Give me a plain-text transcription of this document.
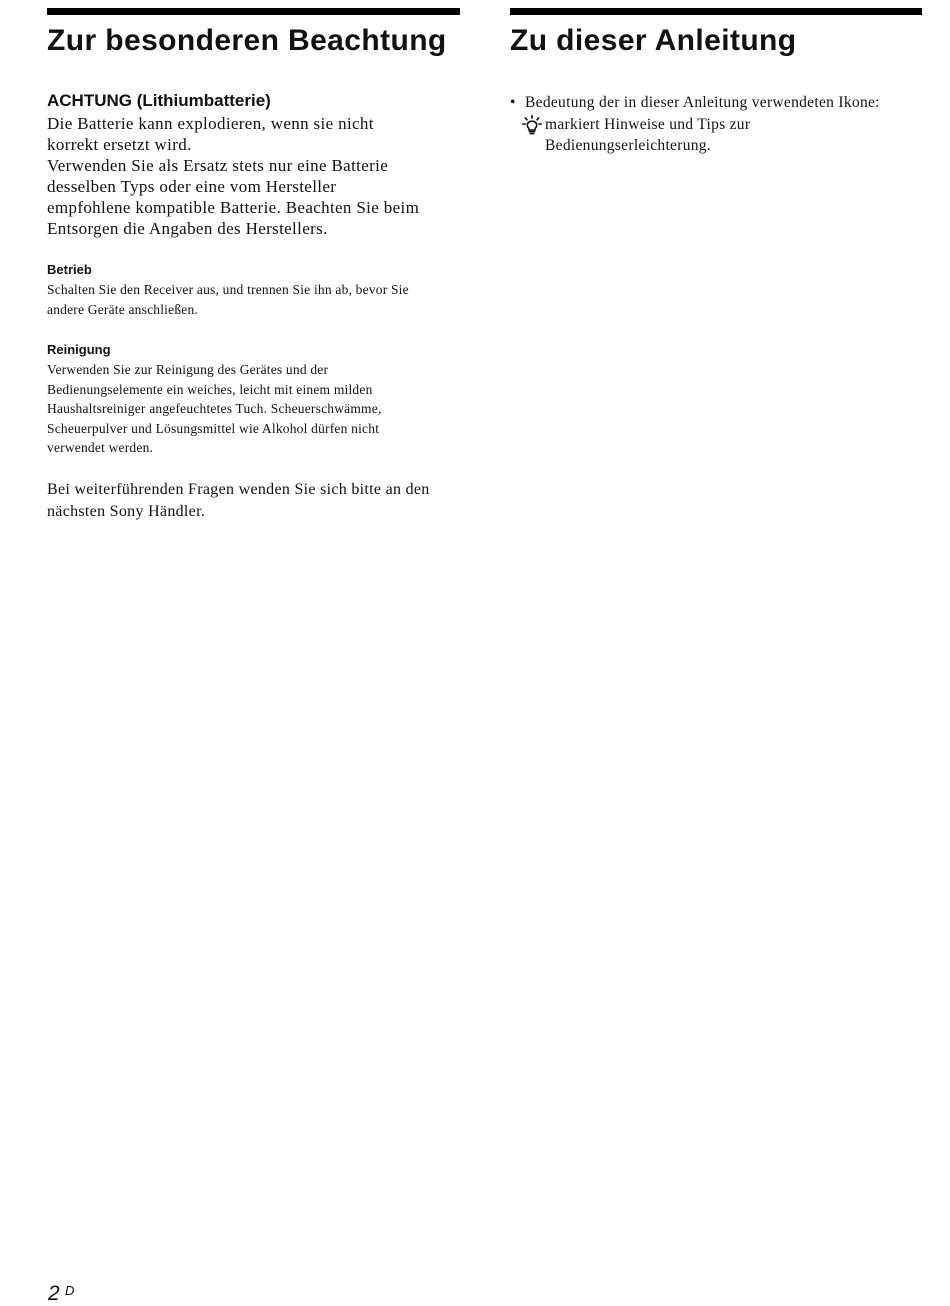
Zur besonderen Beachtung
ACHTUNG (Lithiumbatterie)
Die Batterie kann explodieren, wenn sie nicht
korrekt ersetzt wird.
Verwenden Sie als Ersatz stets nur eine Batterie
desselben Typs oder eine vom Hersteller
empfohlene kompatible Batterie. Beachten Sie beim
Entsorgen die Angaben des Herstellers.
Betrieb
Schalten Sie den Receiver aus, und trennen Sie ihn ab, bevor Sie
andere Geräte anschließen.
Reinigung
Verwenden Sie zur Reinigung des Gerätes und der
Bedienungselemente ein weiches, leicht mit einem milden
Haushaltsreiniger angefeuchtetes Tuch. Scheuerschwämme,
Scheuerpulver und Lösungsmittel wie Alkohol dürfen nicht
verwendet werden.
Bei weiterführenden Fragen wenden Sie sich bitte an den
nächsten Sony Händler.
Zu dieser Anleitung
• Bedeutung der in dieser Anleitung verwendeten Ikone:
markiert Hinweise und Tips zur
Bedienungserleichterung.
2 D
